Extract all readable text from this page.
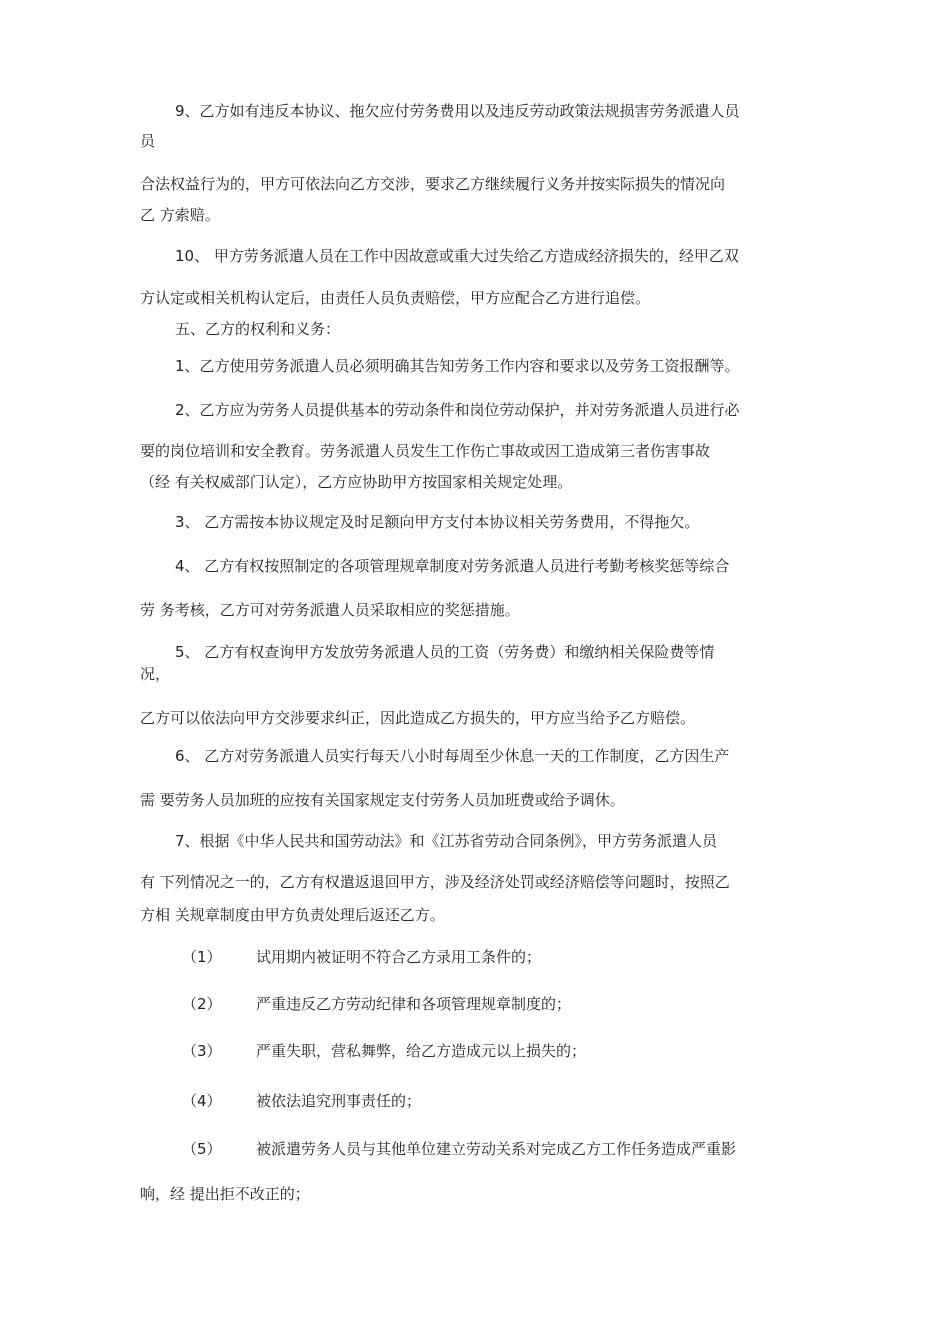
9、乙方如有违反本协议、拖欠应付劳务费用以及违反劳动政策法规损害劳务派遣人员
员
合法权益行为的，甲方可依法向乙方交涉，要求乙方继续履行义务并按实际损失的情况向
乙 方索赔。
10、 甲方劳务派遣人员在工作中因故意或重大过失给乙方造成经济损失的，经甲乙双
方认定或相关机构认定后，由责任人员负责赔偿，甲方应配合乙方进行追偿。
五、乙方的权利和义务：
1、乙方使用劳务派遣人员必须明确其告知劳务工作内容和要求以及劳务工资报酬等。
2、乙方应为劳务人员提供基本的劳动条件和岗位劳动保护，并对劳务派遣人员进行必
要的岗位培训和安全教育。劳务派遣人员发生工作伤亡事故或因工造成第三者伤害事故
（经 有关权威部门认定），乙方应协助甲方按国家相关规定处理。
3、 乙方需按本协议规定及时足额向甲方支付本协议相关劳务费用，不得拖欠。
4、 乙方有权按照制定的各项管理规章制度对劳务派遣人员进行考勤考核奖惩等综合
劳 务考核，乙方可对劳务派遣人员采取相应的奖惩措施。
5、 乙方有权查询甲方发放劳务派遣人员的工资（劳务费）和缴纳相关保险费等情
况，
乙方可以依法向甲方交涉要求纠正，因此造成乙方损失的，甲方应当给予乙方赔偿。
6、 乙方对劳务派遣人员实行每天八小时每周至少休息一天的工作制度，乙方因生产
需 要劳务人员加班的应按有关国家规定支付劳务人员加班费或给予调休。
7、根据《中华人民共和国劳动法》和《江苏省劳动合同条例》，甲方劳务派遣人员
有 下列情况之一的，乙方有权遣返退回甲方，涉及经济处罚或经济赔偿等问题时，按照乙
方相 关规章制度由甲方负责处理后返还乙方。
（1） 试用期内被证明不符合乙方录用工条件的；
（2） 严重违反乙方劳动纪律和各项管理规章制度的；
（3） 严重失职，营私舞弊，给乙方造成元以上损失的；
（4） 被依法追究刑事责任的；
（5） 被派遣劳务人员与其他单位建立劳动关系对完成乙方工作任务造成严重影
响，经 提出拒不改正的；
